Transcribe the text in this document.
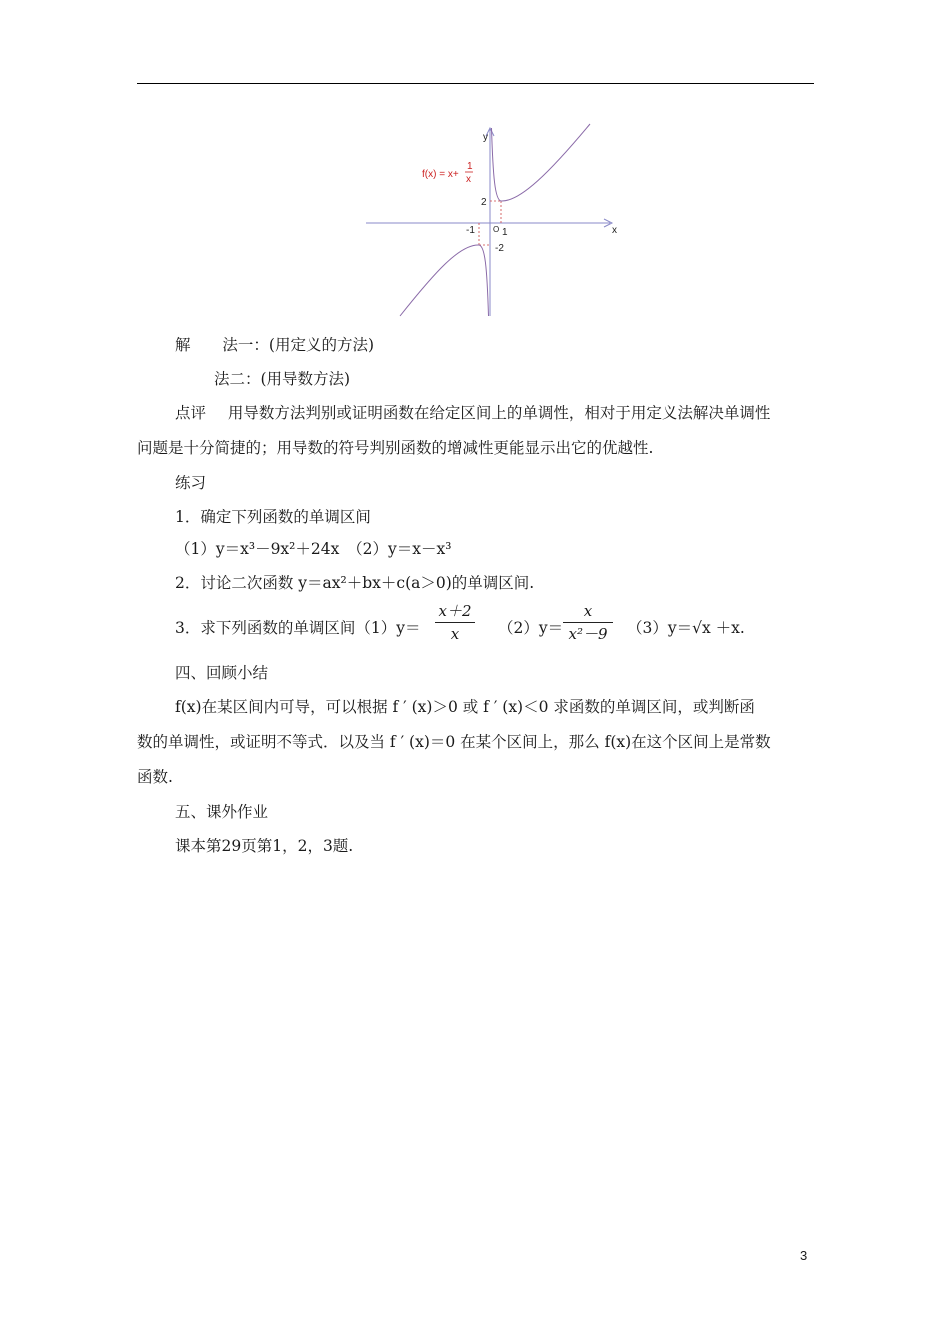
f(x) = x+
1
x
y
x
O
2
-2
-1	1
解 法一：(用定义的方法)
法二：(用导数方法)
点评 用导数方法判别或证明函数在给定区间上的单调性，相对于用定义法解决单调性
问题是十分简捷的；用导数的符号判别函数的增减性更能显示出它的优越性.
练习
1．确定下列函数的单调区间
（1）y＝x³－9x²＋24x　（2）y＝x－x³
2．讨论二次函数 y＝ax²＋bx＋c(a＞0)的单调区间.
3．求下列函数的单调区间（1）y＝
x＋2
x	（2）y＝
x
x²－9	（3）y＝√x ＋x.
四、回顾小结
f(x)在某区间内可导，可以根据 f ′ (x)＞0 或 f ′ (x)＜0 求函数的单调区间，或判断函
数的单调性，或证明不等式．以及当 f ′ (x)＝0 在某个区间上，那么 f(x)在这个区间上是常数
函数.
五、课外作业
课本第29页第1，2，3题.
3
